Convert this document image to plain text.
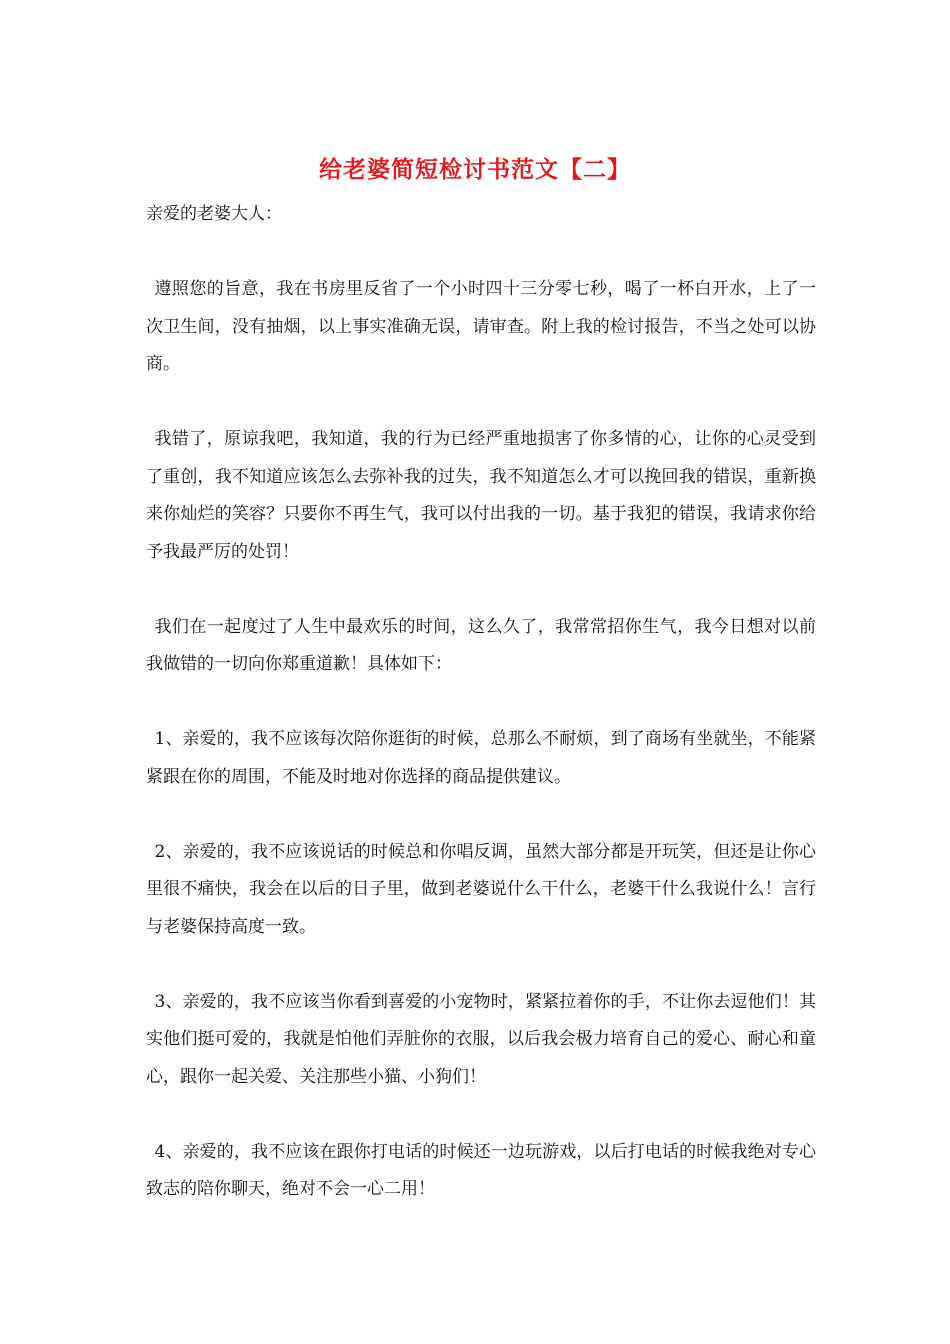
给老婆简短检讨书范文【二】

亲爱的老婆大人：

遵照您的旨意，我在书房里反省了一个小时四十三分零七秒，喝了一杯白开水，上了一次卫生间，没有抽烟，以上事实准确无误，请审查。附上我的检讨报告，不当之处可以协商。

我错了，原谅我吧，我知道，我的行为已经严重地损害了你多情的心，让你的心灵受到了重创，我不知道应该怎么去弥补我的过失，我不知道怎么才可以挽回我的错误，重新换来你灿烂的笑容？只要你不再生气，我可以付出我的一切。基于我犯的错误，我请求你给予我最严厉的处罚！

我们在一起度过了人生中最欢乐的时间，这么久了，我常常招你生气，我今日想对以前我做错的一切向你郑重道歉！具体如下：

1、亲爱的，我不应该每次陪你逛街的时候，总那么不耐烦，到了商场有坐就坐，不能紧紧跟在你的周围，不能及时地对你选择的商品提供建议。

2、亲爱的，我不应该说话的时候总和你唱反调，虽然大部分都是开玩笑，但还是让你心里很不痛快，我会在以后的日子里，做到老婆说什么干什么，老婆干什么我说什么！言行与老婆保持高度一致。

3、亲爱的，我不应该当你看到喜爱的小宠物时，紧紧拉着你的手，不让你去逗他们！其实他们挺可爱的，我就是怕他们弄脏你的衣服，以后我会极力培育自己的爱心、耐心和童心，跟你一起关爱、关注那些小猫、小狗们！

4、亲爱的，我不应该在跟你打电话的时候还一边玩游戏，以后打电话的时候我绝对专心致志的陪你聊天，绝对不会一心二用！
